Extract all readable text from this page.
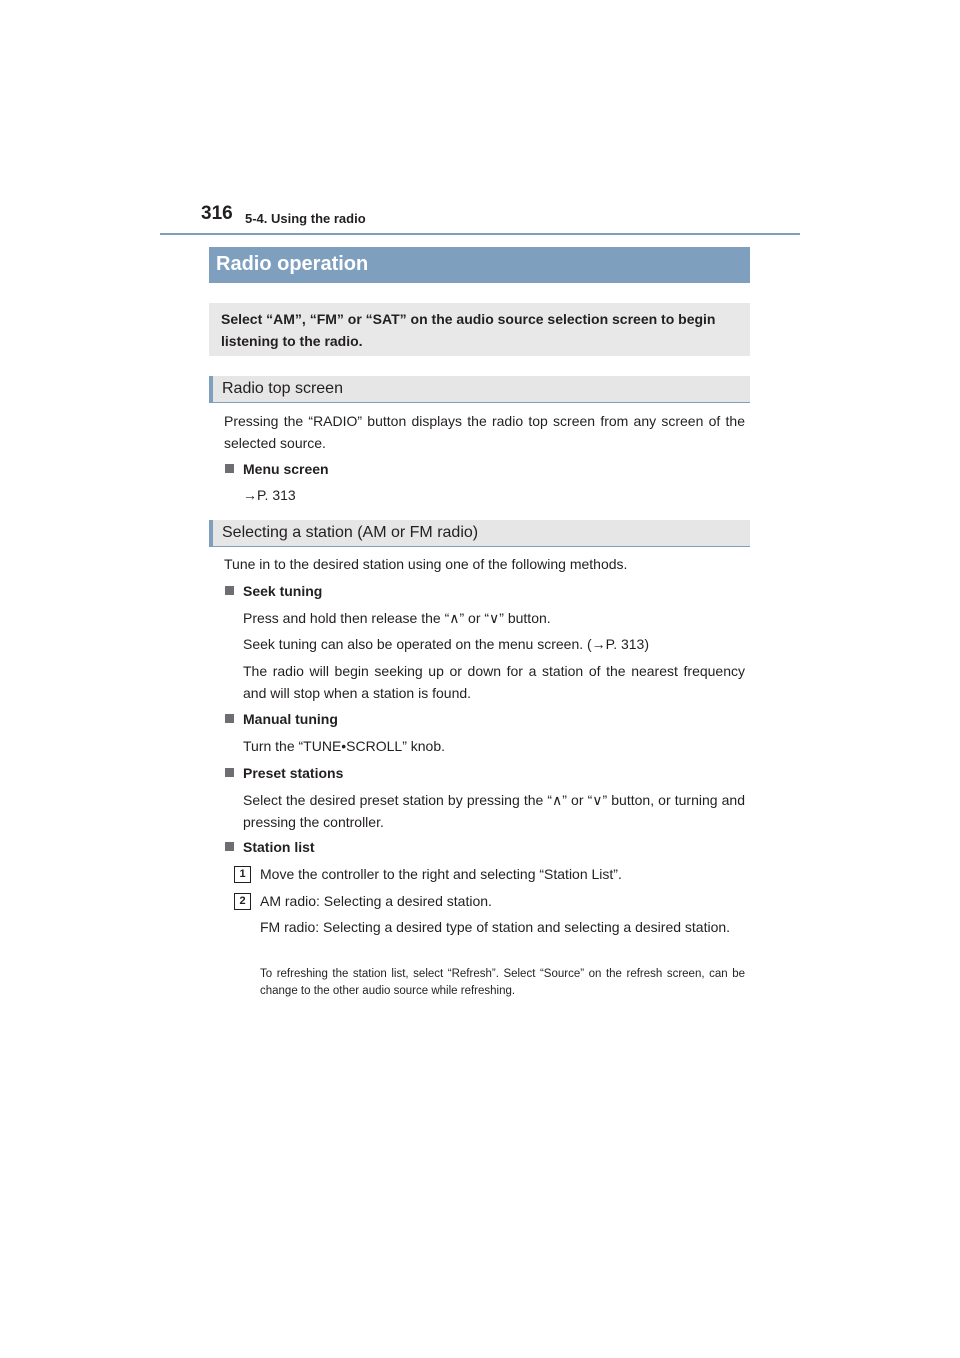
316 5-4. Using the radio
Radio operation

Select “AM”, “FM” or “SAT” on the audio source selection screen to begin listening to the radio.

Radio top screen

Pressing the “RADIO” button displays the radio top screen from any screen of the selected source.

Menu screen

→P. 313

Selecting a station (AM or FM radio)

Tune in to the desired station using one of the following methods.

Seek tuning

Press and hold then release the “∧” or “∨” button.

Seek tuning can also be operated on the menu screen. (→P. 313)

The radio will begin seeking up or down for a station of the nearest frequency and will stop when a station is found.

Manual tuning

Turn the “TUNE•SCROLL” knob.

Preset stations

Select the desired preset station by pressing the “∧” or “∨” button, or turning and pressing the controller.

Station list
1	Move the controller to the right and selecting “Station List”.

2	AM radio: Selecting a desired station.

FM radio: Selecting a desired type of station and selecting a desired station.

To refreshing the station list, select “Refresh”. Select “Source” on the refresh screen, can be change to the other audio source while refreshing.
